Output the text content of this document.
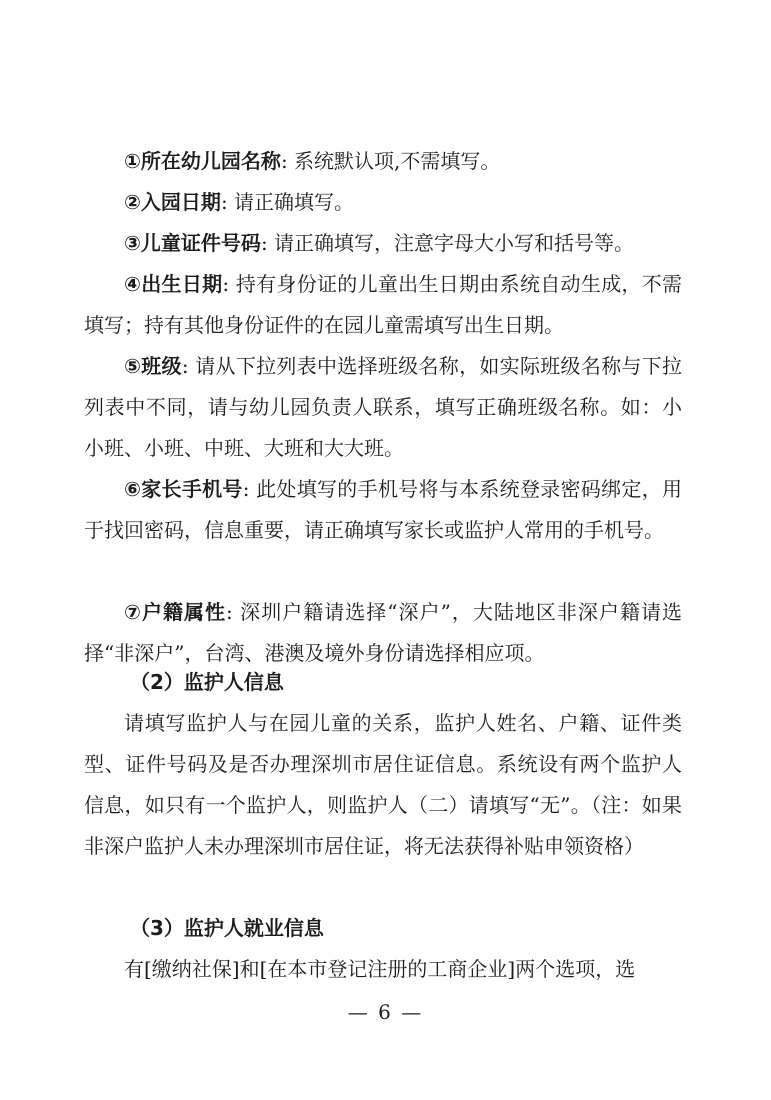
①所在幼儿园名称: 系统默认项,不需填写。

②入园日期: 请正确填写。

③儿童证件号码: 请正确填写，注意字母大小写和括号等。

④出生日期: 持有身份证的儿童出生日期由系统自动生成，不需填写；持有其他身份证件的在园儿童需填写出生日期。

⑤班级: 请从下拉列表中选择班级名称，如实际班级名称与下拉列表中不同，请与幼儿园负责人联系，填写正确班级名称。如：小小班、小班、中班、大班和大大班。

⑥家长手机号: 此处填写的手机号将与本系统登录密码绑定，用于找回密码，信息重要，请正确填写家长或监护人常用的手机号。

⑦户籍属性: 深圳户籍请选择“深户”，大陆地区非深户籍请选择“非深户”，台湾、港澳及境外身份请选择相应项。

（2）监护人信息

请填写监护人与在园儿童的关系，监护人姓名、户籍、证件类型、证件号码及是否办理深圳市居住证信息。系统设有两个监护人信息，如只有一个监护人，则监护人（二）请填写“无”。（注：如果非深户监护人未办理深圳市居住证，将无法获得补贴申领资格）

（3）监护人就业信息

有[缴纳社保]和[在本市登记注册的工商企业]两个选项，选

— 6 —
